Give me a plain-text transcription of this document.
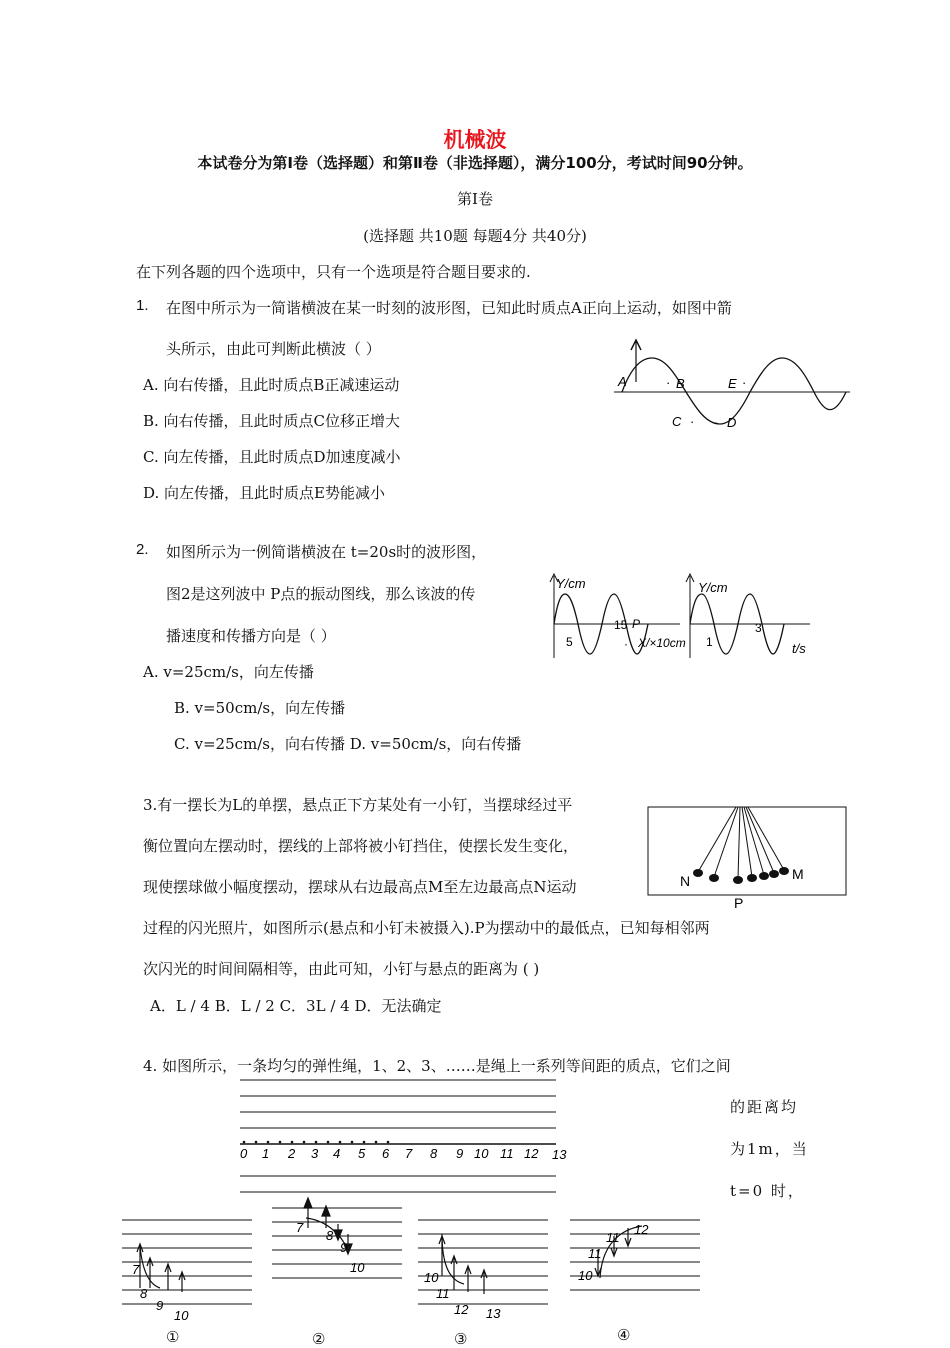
机械波
本试卷分为第Ⅰ卷（选择题）和第Ⅱ卷（非选择题），满分100分，考试时间90分钟。
第Ⅰ卷
(选择题 共10题 每题4分 共40分)
在下列各题的四个选项中，只有一个选项是符合题目要求的.
1. 在图中所示为一简谐横波在某一时刻的波形图，已知此时质点A正向上运动，如图中箭
头所示，由此可判断此横波（ ）
A. 向右传播，且此时质点B正减速运动
B. 向右传播，且此时质点C位移正增大
C. 向左传播，且此时质点D加速度减小
D. 向左传播，且此时质点E势能减小
A	· B	E ·
C · · D
2. 如图所示为一例简谐横波在 t=20s时的波形图，
图2是这列波中 P点的振动图线，那么该波的传
播速度和传播方向是（ ）
A. v=25cm/s，向左传播
B. v=50cm/s，向左传播
C. v=25cm/s，向右传播 D. v=50cm/s，向右传播
Y/cm
5
15 P
· X/×10cm
Y/cm
1
3
t/s
3.有一摆长为L的单摆，悬点正下方某处有一小钉，当摆球经过平
衡位置向左摆动时，摆线的上部将被小钉挡住，使摆长发生变化，
现使摆球做小幅度摆动，摆球从右边最高点M至左边最高点N运动
过程的闪光照片，如图所示(悬点和小钉未被摄入).P为摆动中的最低点，已知每相邻两
次闪光的时间间隔相等，由此可知，小钉与悬点的距离为 ( )
A．L / 4 B．L / 2 C．3L / 4 D．无法确定
N	M
P
4. 如图所示，一条均匀的弹性绳，1、2、3、……是绳上一系列等间距的质点，它们之间
的距离均
为1m，当
t=0 时，
0 1 2 3 4 5 6 7 8 9 10 11 12 13
7
8
9
10
①
7
8
9
10
②
10
11
12 13
③
10
11
11
12
④
